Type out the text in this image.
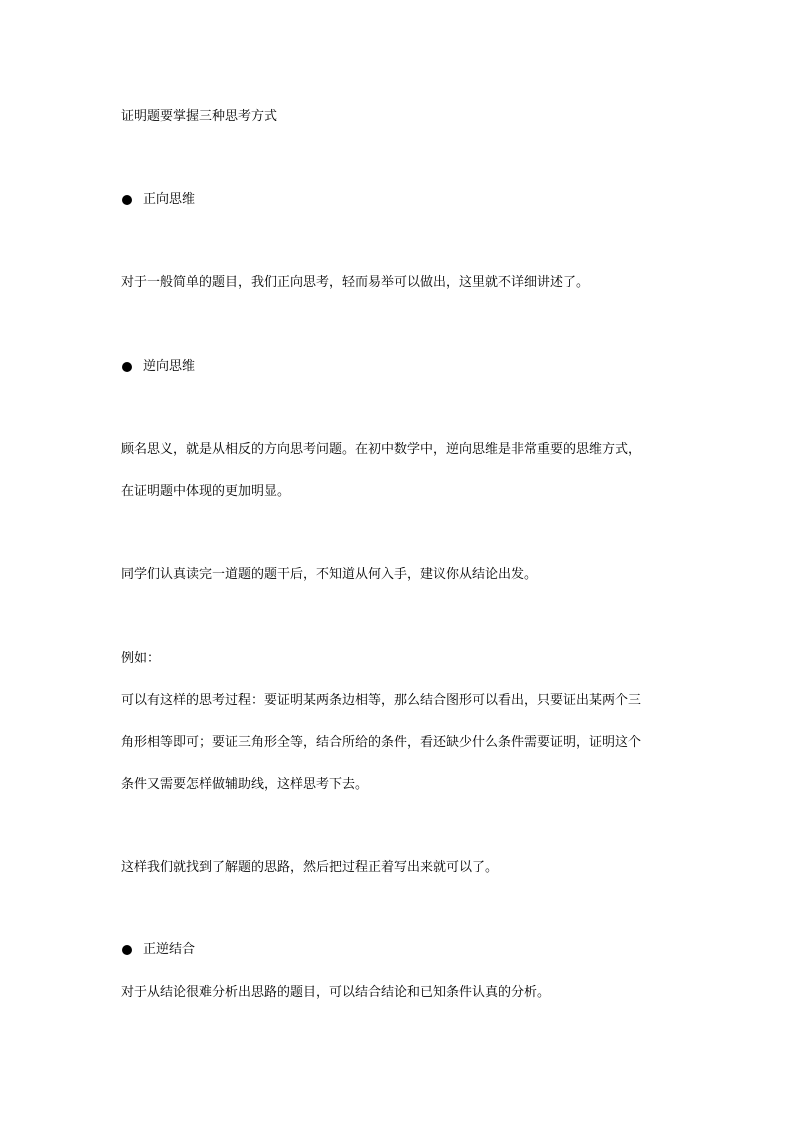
证明题要掌握三种思考方式

正向思维

对于一般简单的题目，我们正向思考，轻而易举可以做出，这里就不详细讲述了。

逆向思维

顾名思义，就是从相反的方向思考问题。在初中数学中，逆向思维是非常重要的思维方式，

在证明题中体现的更加明显。

同学们认真读完一道题的题干后，不知道从何入手，建议你从结论出发。

例如：

可以有这样的思考过程：要证明某两条边相等，那么结合图形可以看出，只要证出某两个三

角形相等即可；要证三角形全等，结合所给的条件，看还缺少什么条件需要证明，证明这个

条件又需要怎样做辅助线，这样思考下去。

这样我们就找到了解题的思路，然后把过程正着写出来就可以了。

正逆结合

对于从结论很难分析出思路的题目，可以结合结论和已知条件认真的分析。
